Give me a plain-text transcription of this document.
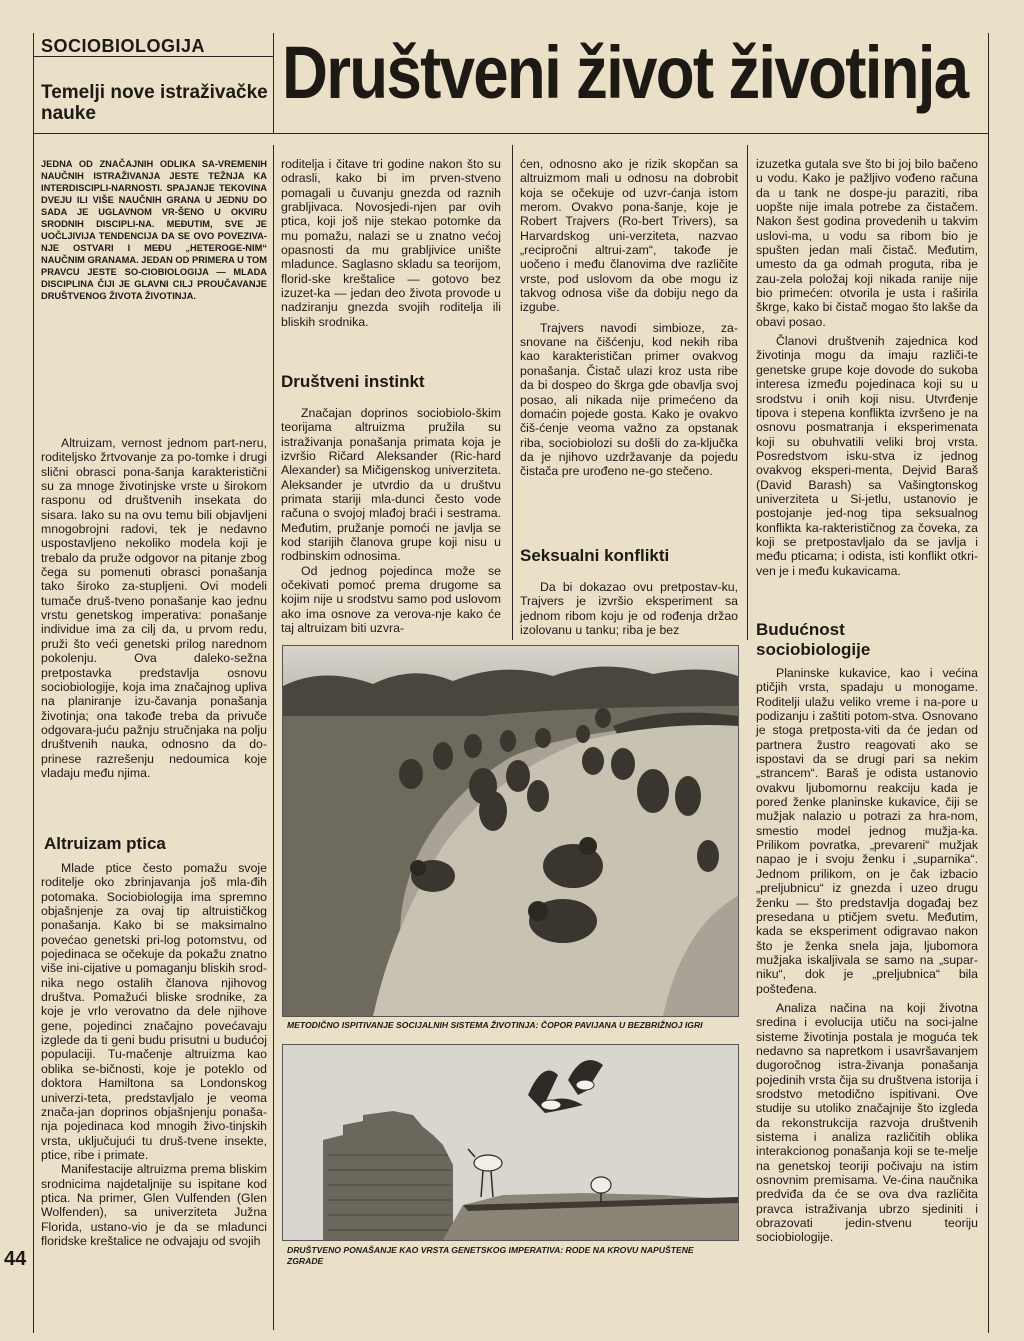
SOCIOBIOLOGIJA
Temelji nove istraživačke nauke	Društveni život životinja
JEDNA OD ZNAČAJNIH ODLIKA SA-VREMENIH NAUČNIH ISTRAŽIVANJA JESTE TEŽNJA KA INTERDISCIPLI-NARNOSTI. SPAJANJE TEKOVINA DVEJU ILI VIŠE NAUČNIH GRANA U JEDNU DO SADA JE UGLAVNOM VR-ŠENO U OKVIRU SRODNIH DISCIPLI-NA. MEĐUTIM, SVE JE UOČLJIVIJA TENDENCIJA DA SE OVO POVEZIVA-NJE OSTVARI I MEĐU „HETEROGE-NIM“ NAUČNIM GRANAMA. JEDAN OD PRIMERA U TOM PRAVCU JESTE SO-CIOBIOLOGIJA — MLADA DISCIPLINA ČIJI JE GLAVNI CILJ PROUČAVANJE DRUŠTVENOG ŽIVOTA ŽIVOTINJA.

Altruizam, vernost jednom part-neru, roditeljsko žrtvovanje za po-tomke i drugi slični obrasci pona-šanja karakteristični su za mnoge životinjske vrste u širokom rasponu od društvenih insekata do sisara. Iako su na ovu temu bili objavljeni mnogobrojni radovi, tek je nedavno uspostavljeno nekoliko modela koji je trebalo da pruže odgovor na pitanje zbog čega su pomenuti obrasci ponašanja tako široko za-stupljeni. Ovi modeli tumače druš-tveno ponašanje kao jednu vrstu genetskog imperativa: ponašanje individue ima za cilj da, u prvom redu, pruži što veći genetski prilog narednom pokolenju. Ova daleko-sežna pretpostavka predstavlja osnovu sociobiologije, koja ima značajnog upliva na planiranje izu-čavanja ponašanja životinja; ona takođe treba da privuče odgovara-juću pažnju stručnjaka na polju društvenih nauka, odnosno da do-prinese razrešenju nedoumica koje vladaju među njima.

Altruizam ptica

Mlade ptice često pomažu svoje roditelje oko zbrinjavanja još mla-đih potomaka. Sociobiologija ima spremno objašnjenje za ovaj tip altruističkog ponašanja. Kako bi se maksimalno povećao genetski pri-log potomstvu, od pojedinaca se očekuje da pokažu znatno više ini-cijative u pomaganju bliskih srod-nika nego ostalih članova njihovog društva. Pomažući bliske srodnike, za koje je vrlo verovatno da dele njihove gene, pojedinci značajno povećavaju izglede da ti geni budu prisutni u budućoj populaciji. Tu-mačenje altruizma kao oblika se-bičnosti, koje je poteklo od doktora Hamiltona sa Londonskog univerzi-teta, predstavljalo je veoma znača-jan doprinos objašnjenju ponaša-nja pojedinaca kod mnogih živo-tinjskih vrsta, uključujući tu druš-tvene insekte, ptice, ribe i primate.

Manifestacije altruizma prema bliskim srodnicima najdetaljnije su ispitane kod ptica. Na primer, Glen Vulfenden (Glen Wolfenden), sa univerziteta Južna Florida, ustano-vio je da se mladunci floridske kreštalice ne odvajaju od svojih

roditelja i čitave tri godine nakon što su odrasli, kako bi im prven-stveno pomagali u čuvanju gnezda od raznih grabljivaca. Novosjedi-njen par ovih ptica, koji još nije stekao potomke da mu pomažu, nalazi se u znatno većoj opasnosti da mu grabljivice unište mladunce. Saglasno skladu sa teorijom, florid-ske kreštalice — gotovo bez izuzet-ka — jedan deo života provode u nadziranju gnezda svojih roditelja ili bliskih srodnika.

Društveni instinkt

Značajan doprinos sociobiolo-škim teorijama altruizma pružila su istraživanja ponašanja primata koja je izvršio Ričard Aleksander (Ric-hard Alexander) sa Mičigenskog univerziteta. Aleksander je utvrdio da u društvu primata stariji mla-dunci često vode računa o svojoj mlađoj braći i sestrama. Međutim, pružanje pomoći ne javlja se kod starijih članova grupe koji nisu u rodbinskim odnosima.

Od jednog pojedinca može se očekivati pomoć prema drugome sa kojim nije u srodstvu samo pod uslovom ako ima osnove za verova-nje kako će taj altruizam biti uzvra-

ćen, odnosno ako je rizik skopčan sa altruizmom mali u odnosu na dobrobit koja se očekuje od uzvr-ćanja istom merom. Ovakvo pona-šanje, koje je Robert Trajvers (Ro-bert Trivers), sa Harvardskog uni-verziteta, nazvao „recipročni altrui-zam“, takođe je uočeno i među članovima dve različite vrste, pod uslovom da obe mogu iz takvog odnosa više da dobiju nego da izgube.

Trajvers navodi simbioze, za-snovane na čišćenju, kod nekih riba kao karakterističan primer ovakvog ponašanja. Čistač ulazi kroz usta ribe da bi dospeo do škrga gde obavlja svoj posao, ali nikada nije primećeno da domaćin pojede gosta. Kako je ovakvo čiš-ćenje veoma važno za opstanak riba, sociobiolozi su došli do za-ključka da je njihovo uzdržavanje da pojedu čistača pre urođeno ne-go stečeno.

Seksualni konflikti

Da bi dokazao ovu pretpostav-ku, Trajvers je izvršio eksperiment sa jednom ribom koju je od rođenja držao izolovanu u tanku; riba je bez

izuzetka gutala sve što bi joj bilo bačeno u vodu. Kako je pažljivo vođeno računa da u tank ne dospe-ju paraziti, riba uopšte nije imala potrebe za čistačem. Nakon šest godina provedenih u takvim uslovi-ma, u vodu sa ribom bio je spušten jedan mali čistač. Međutim, umesto da ga odmah proguta, riba je zau-zela položaj koji nikada ranije nije bio primećen: otvorila je usta i raširila škrge, kako bi čistač mogao što lakše da obavi posao.

Članovi društvenih zajednica kod životinja mogu da imaju različi-te genetske grupe koje dovode do sukoba interesa između pojedinaca koji su u srodstvu i onih koji nisu. Utvrđenje tipova i stepena konflikta izvršeno je na osnovu posmatranja i eksperimenata koji su obuhvatili veliki broj vrsta. Posredstvom isku-stva iz jednog ovakvog eksperi-menta, Dejvid Baraš (David Barash) sa Vašingtonskog univerziteta u Si-jetlu, ustanovio je postojanje jed-nog tipa seksualnog konflikta ka-rakterističnog za čoveka, za koji se pretpostavljalo da se javlja i među pticama; i odista, isti konflikt otkri-ven je i među kukavicama.

Budućnost sociobiologije

Planinske kukavice, kao i većina ptičjih vrsta, spadaju u monogame. Roditelji ulažu veliko vreme i na-pore u podizanju i zaštiti potom-stva. Osnovano je stoga pretposta-viti da će jedan od partnera žustro reagovati ako se ispostavi da se drugi pari sa nekim „strancem“. Baraš je odista ustanovio ovakvu ljubomornu reakciju kada je pored ženke planinske kukavice, čiji se mužjak nalazio u potrazi za hra-nom, smestio model jednog mužja-ka. Prilikom povratka, „prevareni“ mužjak napao je i svoju ženku i „suparnika“. Jednom prilikom, on je čak izbacio „preljubnicu“ iz gnezda i uzeo drugu ženku — što predstavlja događaj bez presedana u ptičjem svetu. Međutim, kada se eksperiment odigravao nakon što je ženka snela jaja, ljubomora mužjaka iskaljivala se samo na „supar-niku“, dok je „preljubnica“ bila pošteđena.

Analiza načina na koji životna sredina i evolucija utiču na soci-jalne sisteme životinja postala je moguća tek nedavno sa napretkom i usavršavanjem dugoročnog istra-živanja ponašanja pojedinih vrsta čija su društvena istorija i srodstvo metodično ispitivani. Ove studije su utoliko značajnije što izgleda da rekonstrukcija razvoja društvenih sistema i analiza različitih oblika interakcionog ponašanja koji se te-melje na genetskoj teoriji počivaju na istim osnovnim premisama. Ve-ćina naučnika predviđa da će se ova dva različita pravca istraživanja ubrzo sjediniti i obrazovati jedin-stvenu teoriju sociobiologije.

METODIČNO ISPITIVANJE SOCIJALNIH SISTEMA ŽIVOTINJA: ČOPOR PAVIJANA U BEZBRIŽNOJ IGRI
DRUŠTVENO PONAŠANJE KAO VRSTA GENETSKOG IMPERATIVA: RODE NA KROVU NAPUŠTENE ZGRADE
44
